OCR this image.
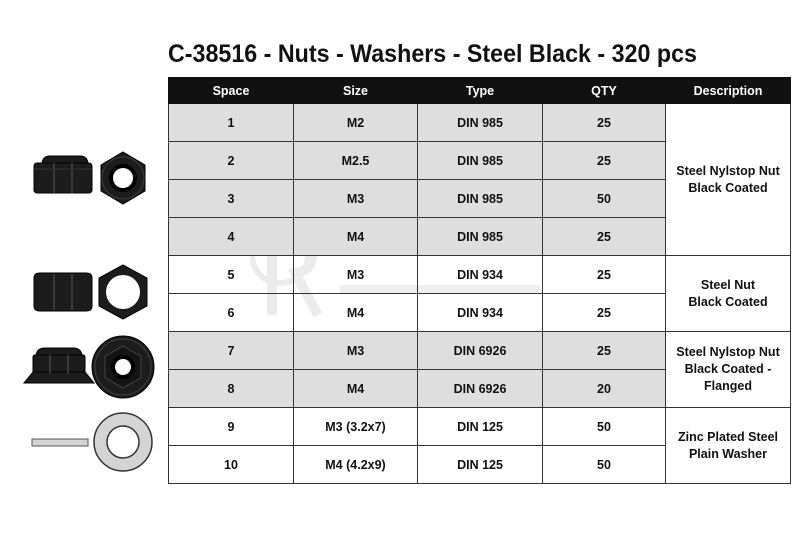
C-38516 - Nuts - Washers - Steel Black - 320 pcs
Space	Size	Type	QTY	Description
1	M2	DIN 985	25	Steel Nylstop Nut
Black Coated

2	M2.5	DIN 985	25	
3	M3	DIN 985	50	
4	M4	DIN 985	25	
5	M3	DIN 934	25	Steel Nut
Black Coated

6	M4	DIN 934	25	
7	M3	DIN 6926	25	Steel Nylstop Nut
Black Coated -
Flanged

8	M4	DIN 6926	20	
9	M3 (3.2x7)	DIN 125	50	Zinc Plated Steel
Plain Washer

10	M4 (4.2x9)	DIN 125	50	
